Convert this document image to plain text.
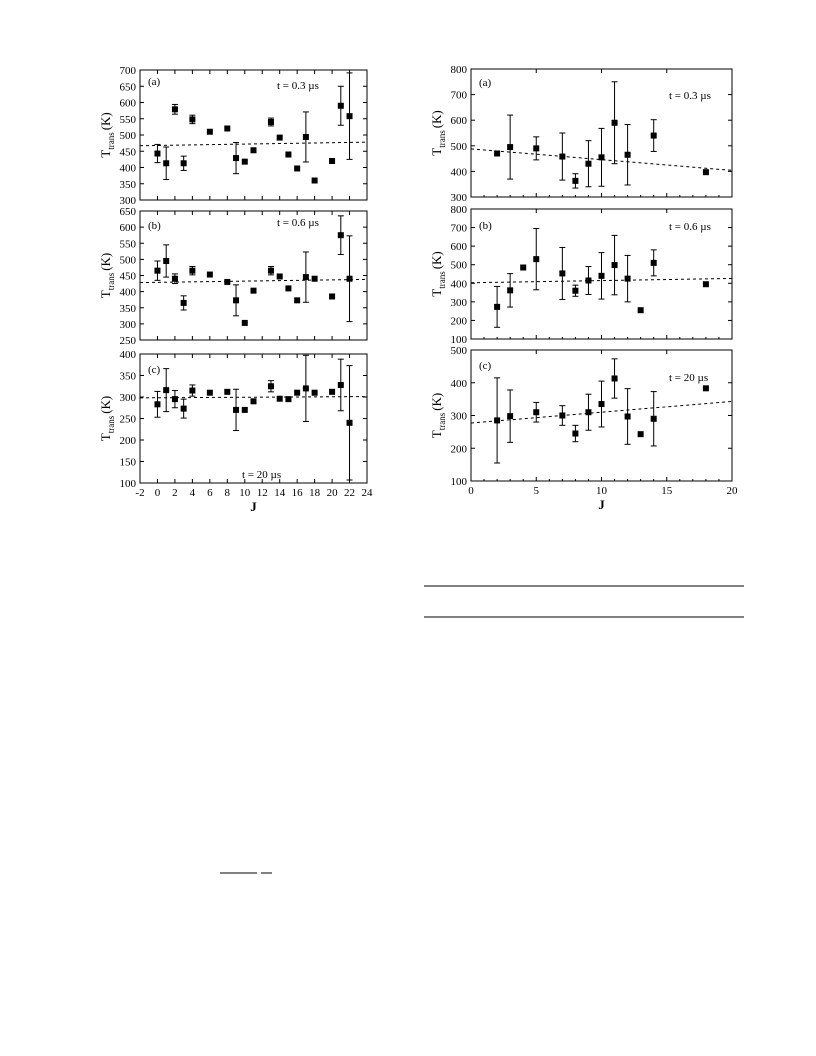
300
350
400
450
500
550
600
650
700
$T_{trans}(K)$
(a)	t = 0.3 µs
250
300
350
400
450
500
550
600
650
$T_{trans}(K)$
(b)	t = 0.6 µs
100
150
200
250
300
350
400
-2 0 2 4 6 8 10 12 14 16 18 20 22 24
J
$T_{trans}(K)$
(c)
t = 20 µs
300
400
500
600
700
800
$T_{trans}(K)$
(a)
t = 0.3 µs
100
200
300
400
500
600
700
800
$T_{trans}(K)$
(b)	t = 0.6 µs
100
200
300
400
500
0	5	10	15	20
J
$T_{trans}(K)$
(c)
t = 20 µs
